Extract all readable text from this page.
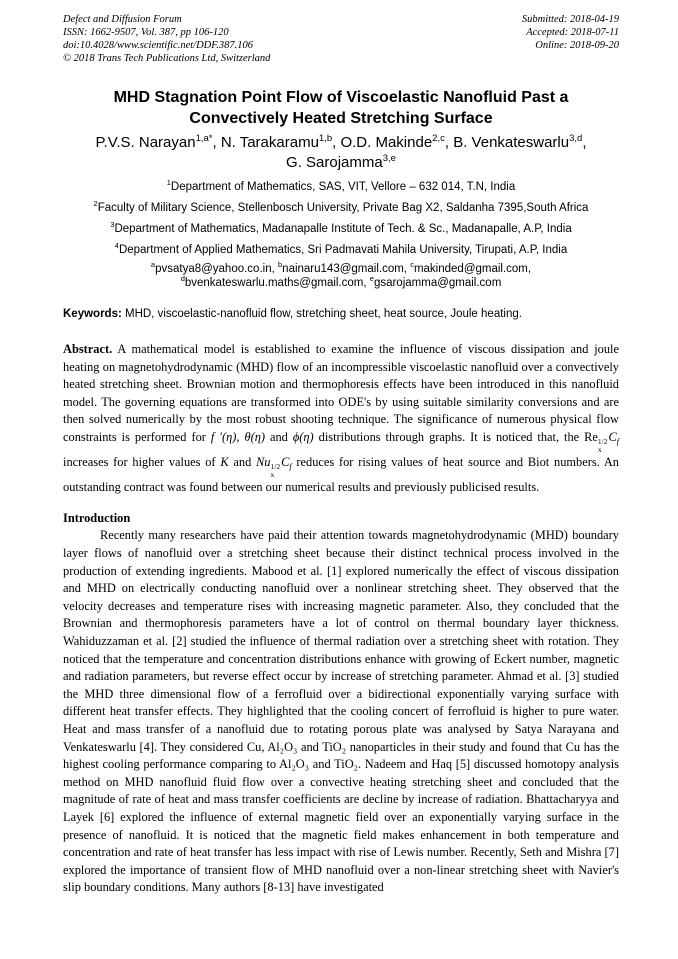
Defect and Diffusion Forum
ISSN: 1662-9507, Vol. 387, pp 106-120
doi:10.4028/www.scientific.net/DDF.387.106
© 2018 Trans Tech Publications Ltd, Switzerland
Submitted: 2018-04-19
Accepted: 2018-07-11
Online: 2018-09-20
MHD Stagnation Point Flow of Viscoelastic Nanofluid Past a
Convectively Heated Stretching Surface
P.V.S. Narayan$^{1,a*}$, N. Tarakaramu$^{1,b}$, O.D. Makinde$^{2,c}$, B. Venkateswarlu$^{3,d}$,
G. Sarojamma$^{3,e}$
$^1$Department of Mathematics, SAS, VIT, Vellore – 632 014, T.N, India
$^2$Faculty of Military Science, Stellenbosch University, Private Bag X2, Saldanha 7395,South Africa
$^3$Department of Mathematics, Madanapalle Institute of Tech. & Sc., Madanapalle, A.P, India
$^4$Department of Applied Mathematics, Sri Padmavati Mahila University, Tirupati, A.P, India
$^a$pvsatya8@yahoo.co.in, $^b$nainaru143@gmail.com, $^c$makinded@gmail.com,
$^d$bvenkateswarlu.maths@gmail.com, $^e$gsarojamma@gmail.com
Keywords: MHD, viscoelastic-nanofluid flow, stretching sheet, heat source, Joule heating.

Abstract. A mathematical model is established to examine the influence of viscous dissipation and joule heating on magnetohydrodynamic (MHD) flow of an incompressible viscoelastic nanofluid over a convectively heated stretching sheet. Brownian motion and thermophoresis effects have been introduced in this nanofluid model. The governing equations are transformed into ODE's by using suitable similarity conversions and are then solved numerically by the most robust shooting technique. The significance of numerous physical flow constraints is performed for f ′(η), θ(η) and ϕ(η) distributions through graphs. It is noticed that, the Re 1/2
x
$C_f$ increases for higher values of K and Nu 1/2
x
$C_f$ reduces for rising values of heat source and Biot numbers. An outstanding contract was found between our numerical results and previously publicised results.

Introduction

Recently many researchers have paid their attention towards magnetohydrodynamic (MHD) boundary layer flows of nanofluid over a stretching sheet because their distinct technical process involved in the production of extending ingredients. Mabood et al. [1] explored numerically the effect of viscous dissipation and MHD on electrically conducting nanofluid over a nonlinear stretching sheet. They observed that the velocity decreases and temperature rises with increasing magnetic parameter. Also, they concluded that the Brownian and thermophoresis parameters have a lot of control on thermal boundary layer thickness. Wahiduzzaman et al. [2] studied the influence of thermal radiation over a stretching sheet with rotation. They noticed that the temperature and concentration distributions enhance with growing of Eckert number, magnetic and radiation parameters, but reverse effect occur by increase of stretching parameter. Ahmad et al. [3] studied the MHD three dimensional flow of a ferrofluid over a bidirectional exponentially varying surface with different heat transfer effects. They highlighted that the cooling concert of ferrofluid is higher to pure water. Heat and mass transfer of a nanofluid due to rotating porous plate was analysed by Satya Narayana and Venkateswarlu [4]. They considered Cu, Al₂O₃ and TiO₂ nanoparticles in their study and found that Cu has the highest cooling performance comparing to Al₂O₃ and TiO₂. Nadeem and Haq [5] discussed homotopy analysis method on MHD nanofluid fluid flow over a convective heating stretching sheet and concluded that the magnitude of rate of heat and mass transfer coefficients are decline by increase of radiation. Bhattacharyya and Layek [6] explored the influence of external magnetic field over an exponentially varying surface in the presence of nanofluid. It is noticed that the magnetic field makes enhancement in both temperature and concentration and rate of heat transfer has less impact with rise of Lewis number. Recently, Seth and Mishra [7] explored the importance of transient flow of MHD nanofluid over a non-linear stretching sheet with Navier's slip boundary conditions. Many authors [8-13] have investigated
